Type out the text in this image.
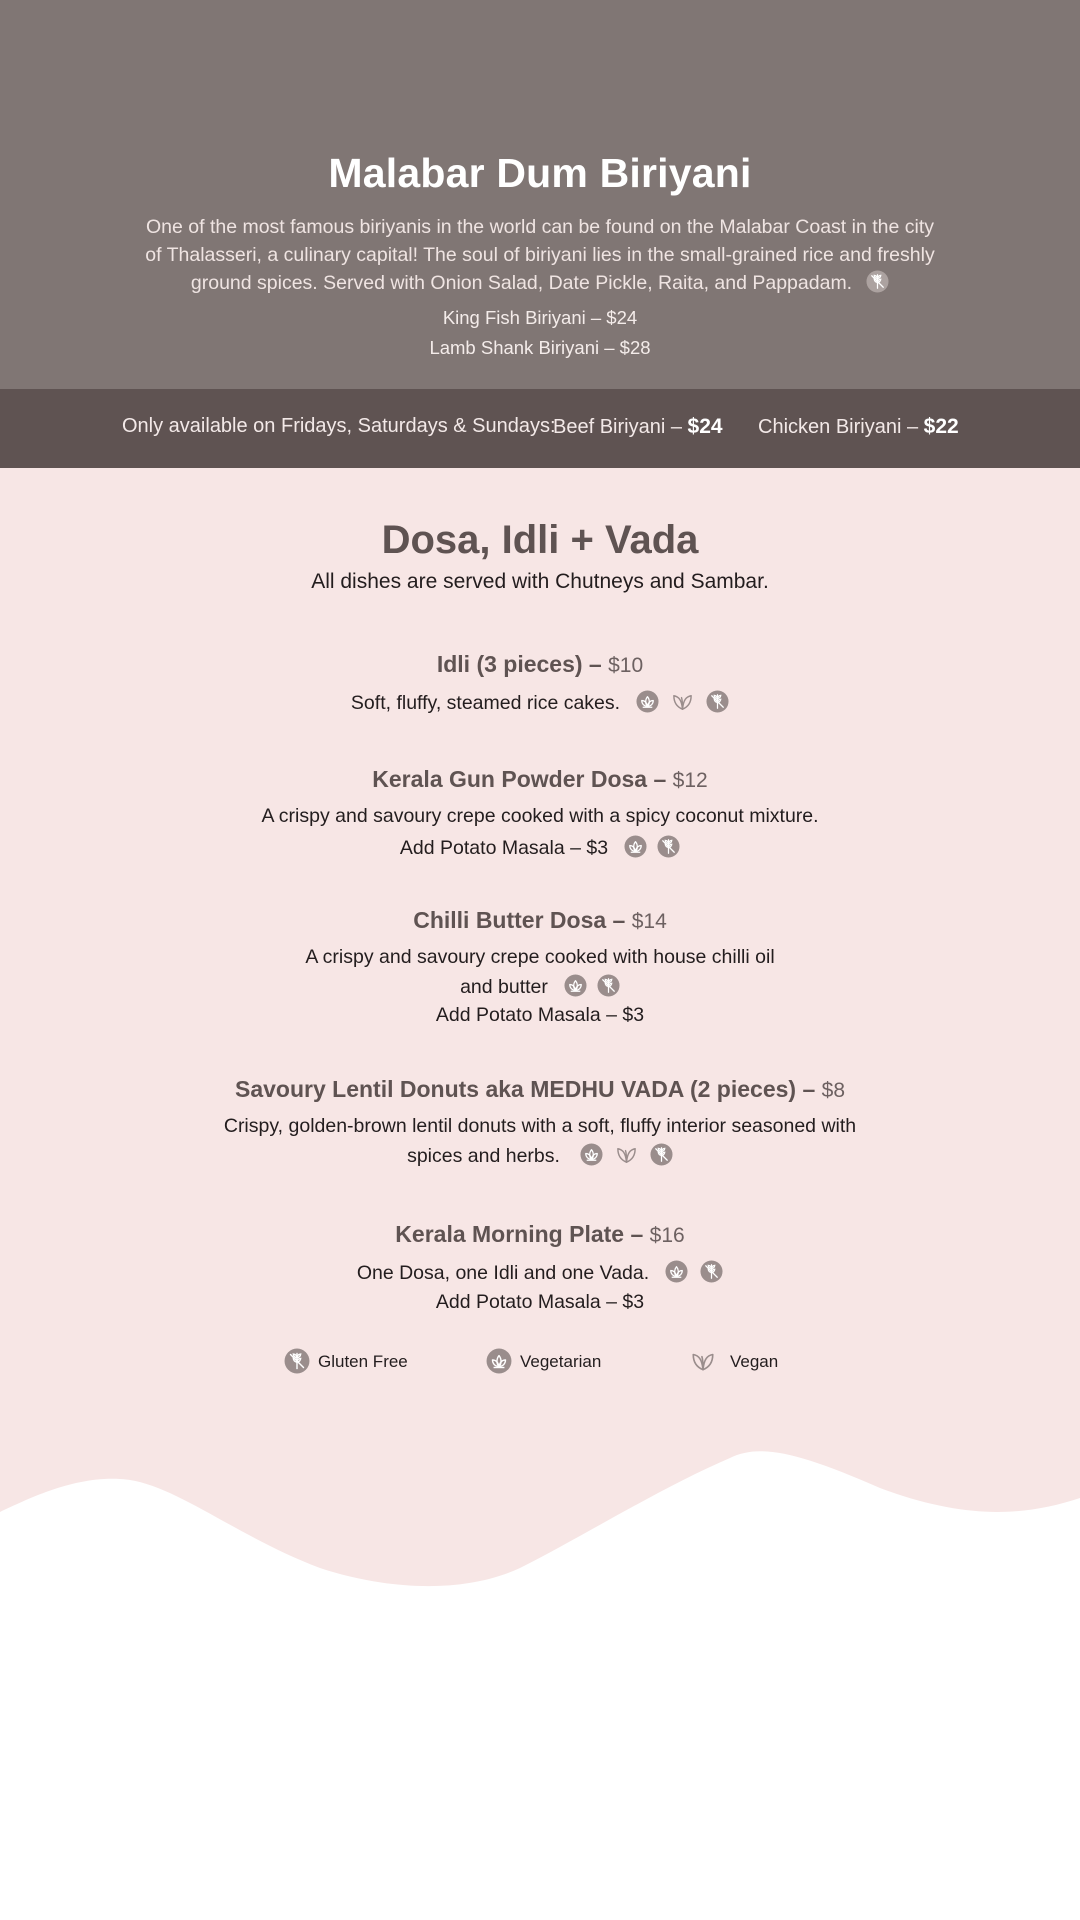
Malabar Dum Biriyani
One of the most famous biriyanis in the world can be found on the Malabar Coast in the city
of Thalasseri, a culinary capital! The soul of biriyani lies in the small-grained rice and freshly
ground spices. Served with Onion Salad, Date Pickle, Raita, and Pappadam.
King Fish Biriyani – $24
Lamb Shank Biriyani – $28
Only available on Fridays, Saturdays & Sundays:
Beef Biriyani – $24 Chicken Biriyani – $22
Dosa, Idli + Vada
All dishes are served with Chutneys and Sambar.
Idli (3 pieces) – $10
Soft, fluffy, steamed rice cakes.
Kerala Gun Powder Dosa – $12
A crispy and savoury crepe cooked with a spicy coconut mixture.
Add Potato Masala – $3
Chilli Butter Dosa – $14
A crispy and savoury crepe cooked with house chilli oil
and butter
Add Potato Masala – $3
Savoury Lentil Donuts aka MEDHU VADA (2 pieces) – $8
Crispy, golden-brown lentil donuts with a soft, fluffy interior seasoned with
spices and herbs.
Kerala Morning Plate – $16
One Dosa, one Idli and one Vada.
Add Potato Masala – $3
Gluten Free	Vegetarian	Vegan
